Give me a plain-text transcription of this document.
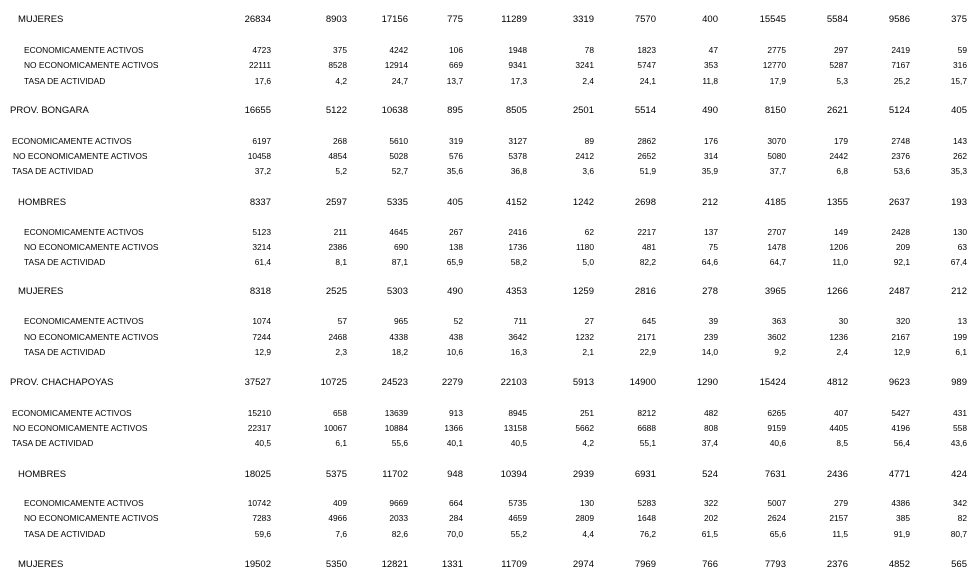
MUJERES	26834	8903	17156	775	11289	3319	7570	400	15545	5584	9586	375
ECONOMICAMENTE ACTIVOS	4723	375	4242	106	1948	78	1823	47	2775	297	2419	59
NO ECONOMICAMENTE ACTIVOS	22111	8528	12914	669	9341	3241	5747	353	12770	5287	7167	316
TASA DE ACTIVIDAD	17,6	4,2	24,7	13,7	17,3	2,4	24,1	11,8	17,9	5,3	25,2	15,7
PROV. BONGARA	16655	5122	10638	895	8505	2501	5514	490	8150	2621	5124	405
ECONOMICAMENTE ACTIVOS	6197	268	5610	319	3127	89	2862	176	3070	179	2748	143
NO ECONOMICAMENTE ACTIVOS	10458	4854	5028	576	5378	2412	2652	314	5080	2442	2376	262
TASA DE ACTIVIDAD	37,2	5,2	52,7	35,6	36,8	3,6	51,9	35,9	37,7	6,8	53,6	35,3
HOMBRES	8337	2597	5335	405	4152	1242	2698	212	4185	1355	2637	193
ECONOMICAMENTE ACTIVOS	5123	211	4645	267	2416	62	2217	137	2707	149	2428	130
NO ECONOMICAMENTE ACTIVOS	3214	2386	690	138	1736	1180	481	75	1478	1206	209	63
TASA DE ACTIVIDAD	61,4	8,1	87,1	65,9	58,2	5,0	82,2	64,6	64,7	11,0	92,1	67,4
MUJERES	8318	2525	5303	490	4353	1259	2816	278	3965	1266	2487	212
ECONOMICAMENTE ACTIVOS	1074	57	965	52	711	27	645	39	363	30	320	13
NO ECONOMICAMENTE ACTIVOS	7244	2468	4338	438	3642	1232	2171	239	3602	1236	2167	199
TASA DE ACTIVIDAD	12,9	2,3	18,2	10,6	16,3	2,1	22,9	14,0	9,2	2,4	12,9	6,1
PROV. CHACHAPOYAS	37527	10725	24523	2279	22103	5913	14900	1290	15424	4812	9623	989
ECONOMICAMENTE ACTIVOS	15210	658	13639	913	8945	251	8212	482	6265	407	5427	431
NO ECONOMICAMENTE ACTIVOS	22317	10067	10884	1366	13158	5662	6688	808	9159	4405	4196	558
TASA DE ACTIVIDAD	40,5	6,1	55,6	40,1	40,5	4,2	55,1	37,4	40,6	8,5	56,4	43,6
HOMBRES	18025	5375	11702	948	10394	2939	6931	524	7631	2436	4771	424
ECONOMICAMENTE ACTIVOS	10742	409	9669	664	5735	130	5283	322	5007	279	4386	342
NO ECONOMICAMENTE ACTIVOS	7283	4966	2033	284	4659	2809	1648	202	2624	2157	385	82
TASA DE ACTIVIDAD	59,6	7,6	82,6	70,0	55,2	4,4	76,2	61,5	65,6	11,5	91,9	80,7
MUJERES	19502	5350	12821	1331	11709	2974	7969	766	7793	2376	4852	565
